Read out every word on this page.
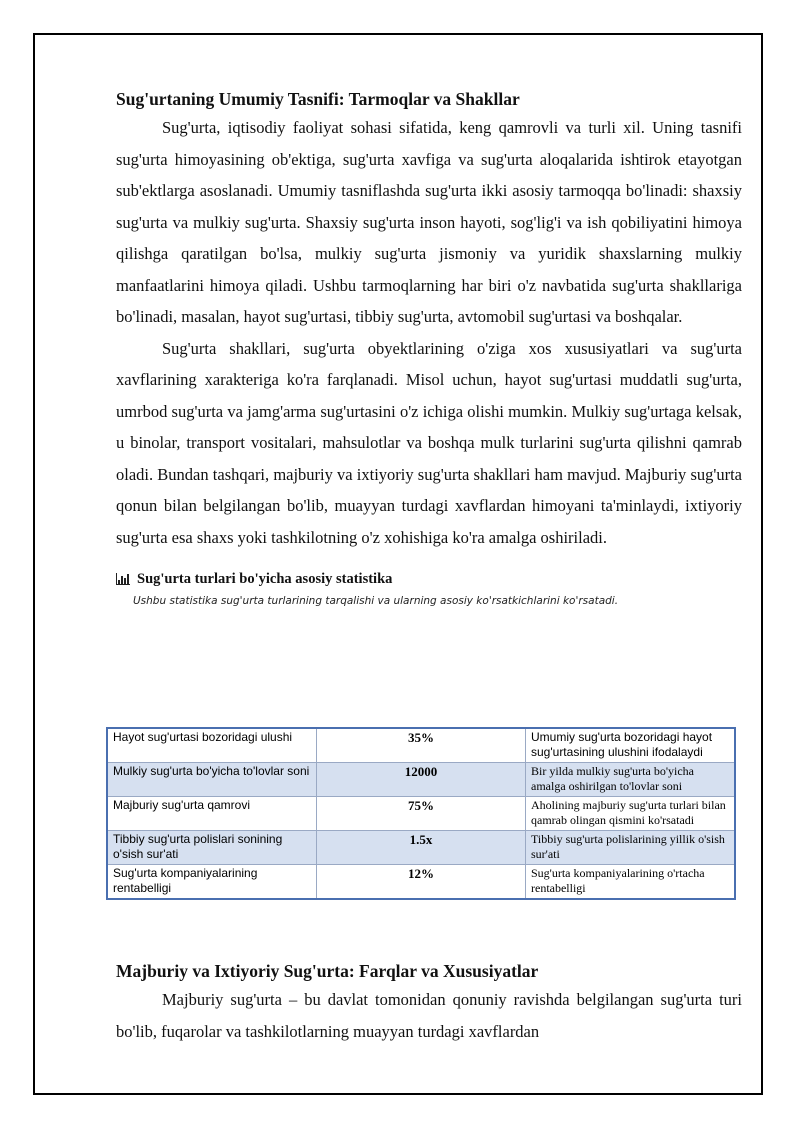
Sug'urtaning Umumiy Tasnifi: Tarmoqlar va Shakllar

Sug'urta, iqtisodiy faoliyat sohasi sifatida, keng qamrovli va turli xil. Uning tasnifi sug'urta himoyasining ob'ektiga, sug'urta xavfiga va sug'urta aloqalarida ishtirok etayotgan sub'ektlarga asoslanadi. Umumiy tasniflashda sug'urta ikki asosiy tarmoqqa bo'linadi: shaxsiy sug'urta va mulkiy sug'urta. Shaxsiy sug'urta inson hayoti, sog'lig'i va ish qobiliyatini himoya qilishga qaratilgan bo'lsa, mulkiy sug'urta jismoniy va yuridik shaxslarning mulkiy manfaatlarini himoya qiladi. Ushbu tarmoqlarning har biri o'z navbatida sug'urta shakllariga bo'linadi, masalan, hayot sug'urtasi, tibbiy sug'urta, avtomobil sug'urtasi va boshqalar.

Sug'urta shakllari, sug'urta obyektlarining o'ziga xos xususiyatlari va sug'urta xavflarining xarakteriga ko'ra farqlanadi. Misol uchun, hayot sug'urtasi muddatli sug'urta, umrbod sug'urta va jamg'arma sug'urtasini o'z ichiga olishi mumkin. Mulkiy sug'urtaga kelsak, u binolar, transport vositalari, mahsulotlar va boshqa mulk turlarini sug'urta qilishni qamrab oladi. Bundan tashqari, majburiy va ixtiyoriy sug'urta shakllari ham mavjud. Majburiy sug'urta qonun bilan belgilangan bo'lib, muayyan turdagi xavflardan himoyani ta'minlaydi, ixtiyoriy sug'urta esa shaxs yoki tashkilotning o'z xohishiga ko'ra amalga oshiriladi.

Sug'urta turlari bo'yicha asosiy statistika
Ushbu statistika sug'urta turlarining tarqalishi va ularning asosiy ko'rsatkichlarini ko'rsatadi.
Hayot sug'urtasi bozoridagi ulushi	35%	Umumiy sug'urta bozoridagi hayot sug'urtasining ulushini ifodalaydi
Mulkiy sug'urta bo'yicha to'lovlar soni	12000	Bir yilda mulkiy sug'urta bo'yicha amalga oshirilgan to'lovlar soni
Majburiy sug'urta qamrovi	75%	Aholining majburiy sug'urta turlari bilan qamrab olingan qismini ko'rsatadi
Tibbiy sug'urta polislari sonining o'sish sur'ati	1.5x	Tibbiy sug'urta polislarining yillik o'sish sur'ati
Sug'urta kompaniyalarining rentabelligi	12%	Sug'urta kompaniyalarining o'rtacha rentabelligi
Majburiy va Ixtiyoriy Sug'urta: Farqlar va Xususiyatlar

Majburiy sug'urta – bu davlat tomonidan qonuniy ravishda belgilangan sug'urta turi bo'lib, fuqarolar va tashkilotlarning muayyan turdagi xavflardan
